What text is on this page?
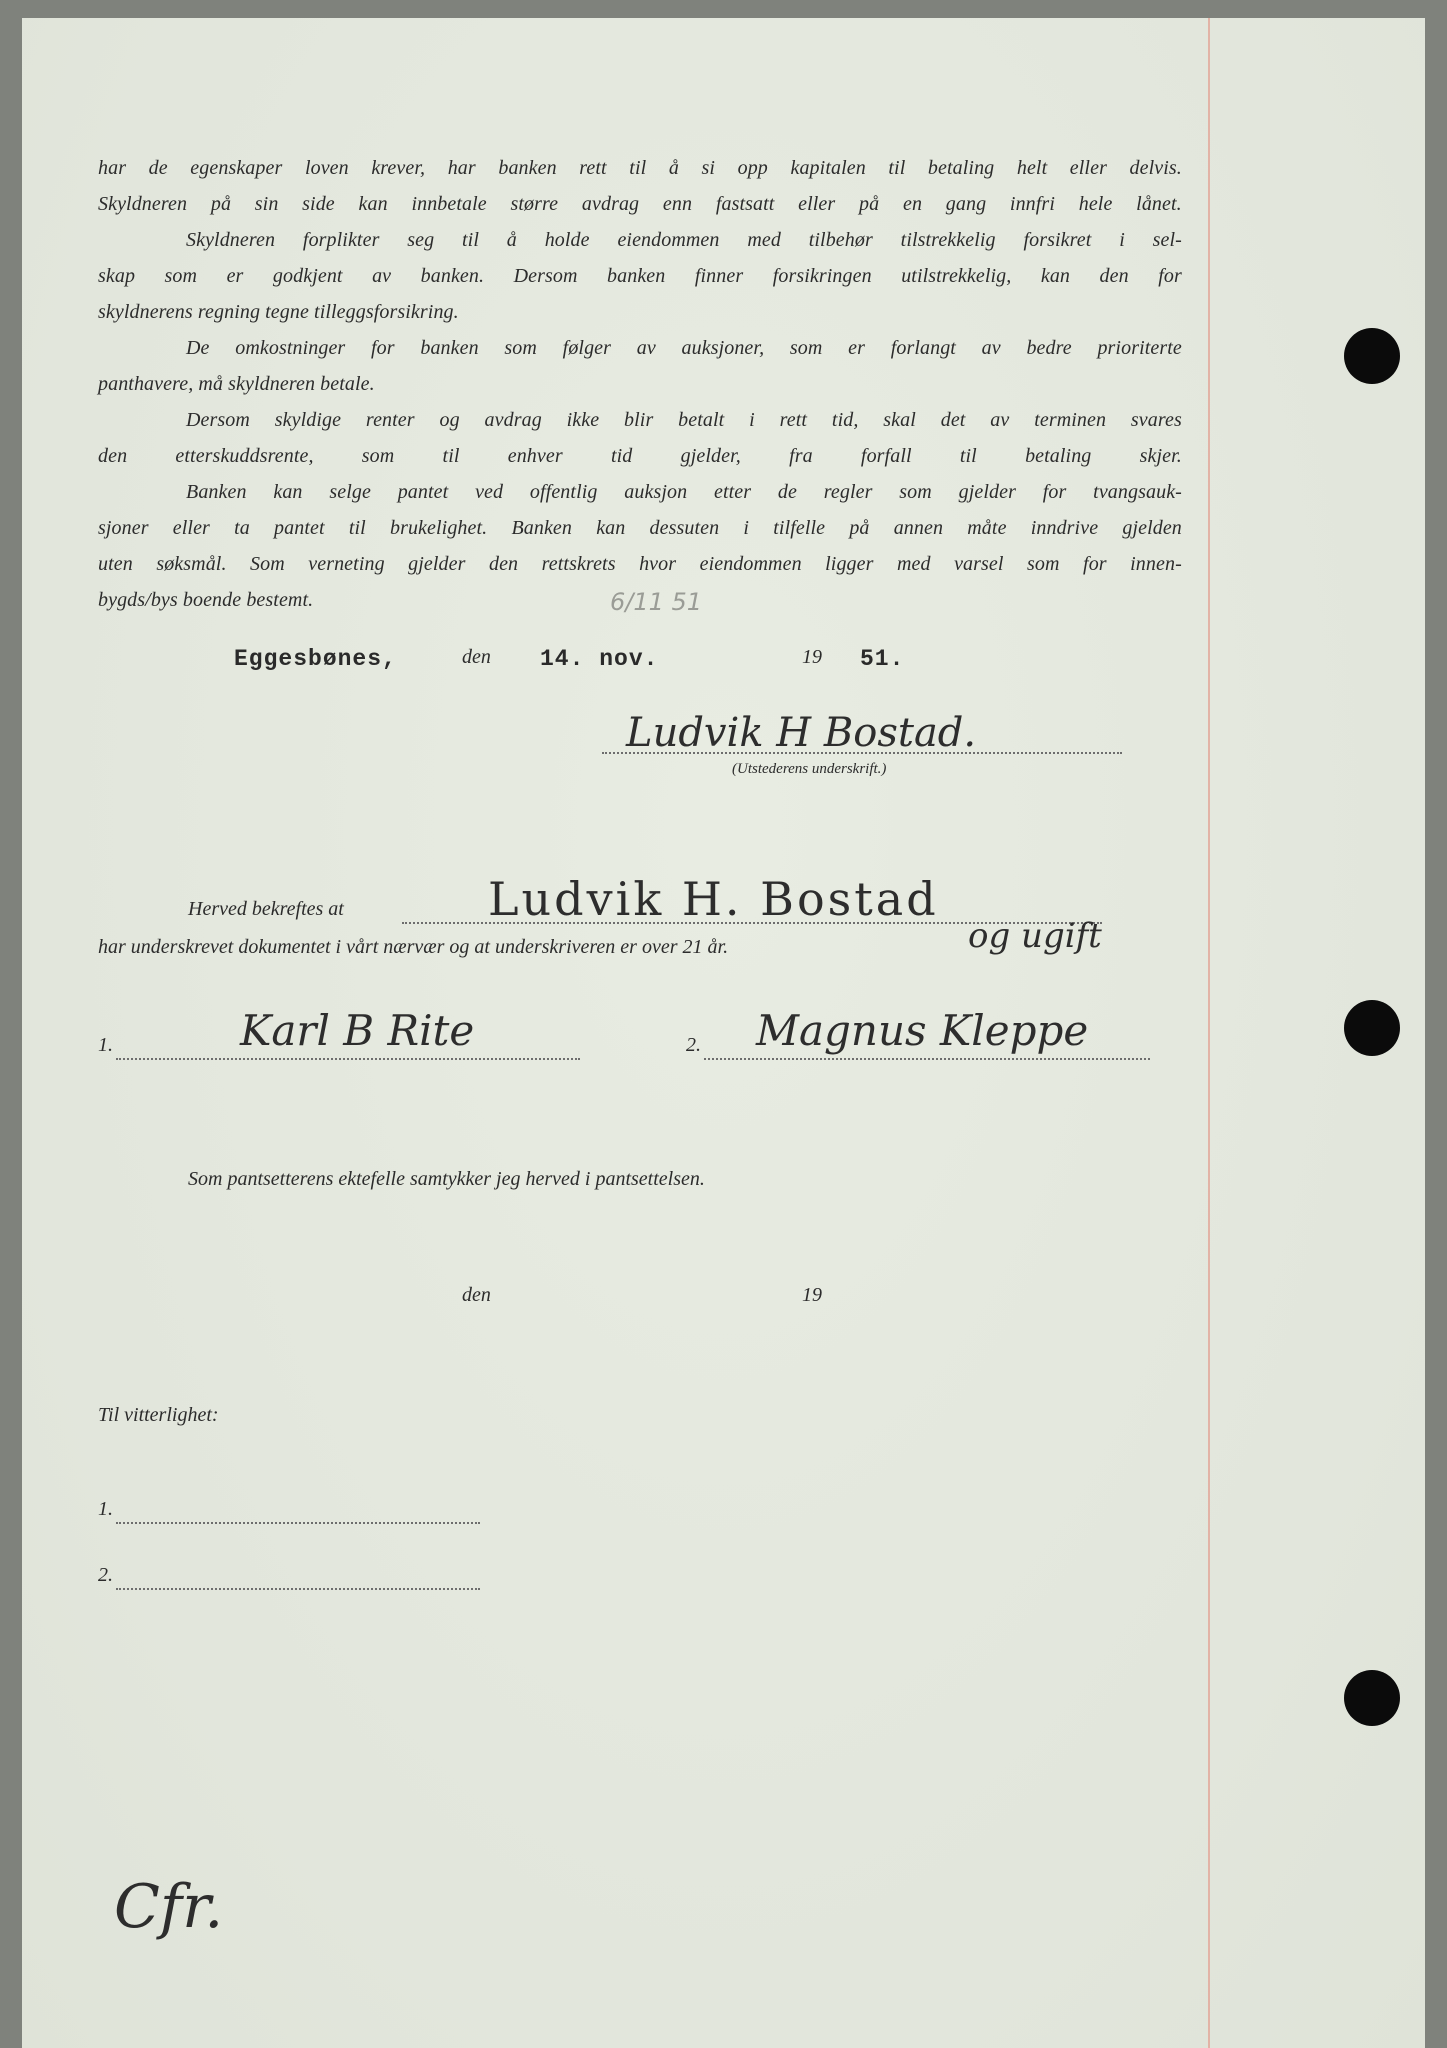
har de egenskaper loven krever, har banken rett til å si opp kapitalen til betaling helt eller delvis.
Skyldneren på sin side kan innbetale større avdrag enn fastsatt eller på en gang innfri hele lånet.
Skyldneren forplikter seg til å holde eiendommen med tilbehør tilstrekkelig forsikret i sel-
skap som er godkjent av banken. Dersom banken finner forsikringen utilstrekkelig, kan den for
skyldnerens regning tegne tilleggsforsikring.
De omkostninger for banken som følger av auksjoner, som er forlangt av bedre prioriterte
panthavere, må skyldneren betale.
Dersom skyldige renter og avdrag ikke blir betalt i rett tid, skal det av terminen svares
den etterskuddsrente, som til enhver tid gjelder, fra forfall til betaling skjer.
Banken kan selge pantet ved offentlig auksjon etter de regler som gjelder for tvangsauk-
sjoner eller ta pantet til brukelighet. Banken kan dessuten i tilfelle på annen måte inndrive gjelden
uten søksmål. Som verneting gjelder den rettskrets hvor eiendommen ligger med varsel som for innen-
bygds/bys boende bestemt.	6/11 51
Eggesbønes,	den 14. nov.	19 51.
Ludvik H Bostad.
(Utstederens underskrift.)
Herved bekreftes at	Ludvik H. Bostad
har underskrevet dokumentet i vårt nærvær og at underskriveren er over 21 år.	og ugift
1.	Karl B Rite	2. Magnus Kleppe
Som pantsetterens ektefelle samtykker jeg herved i pantsettelsen.
den	19
Til vitterlighet:
1.
2.
Cfr.
